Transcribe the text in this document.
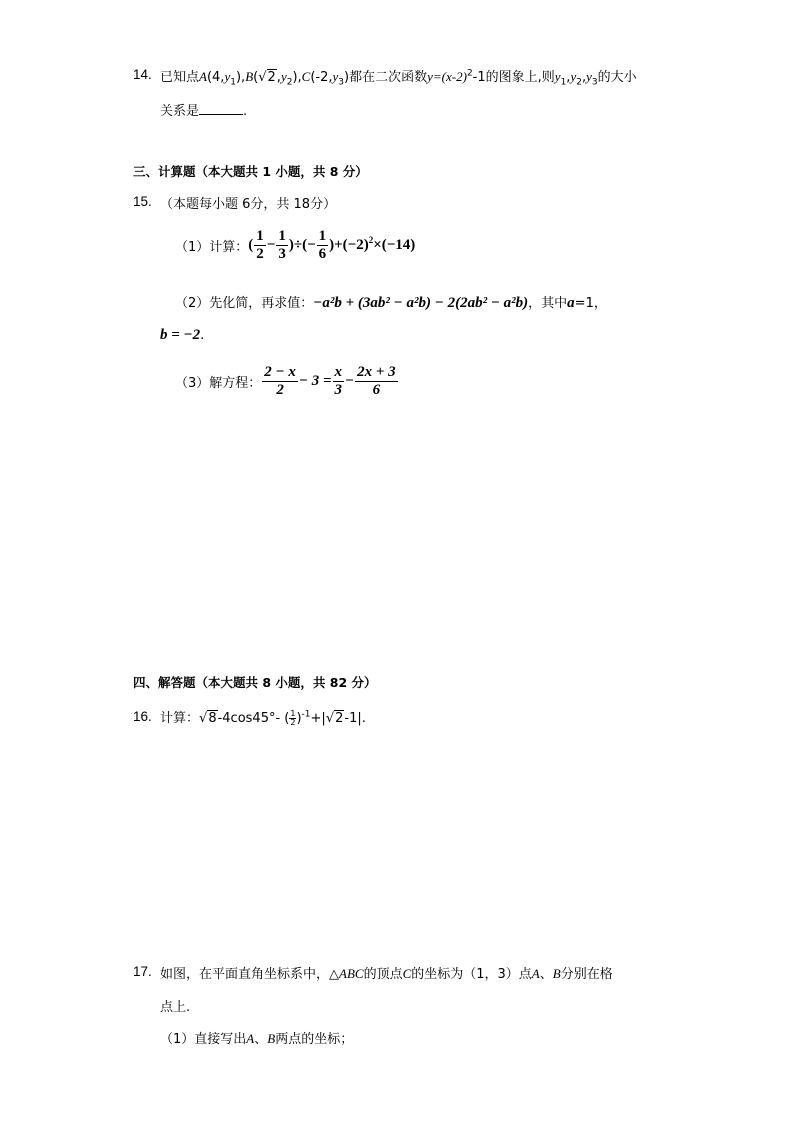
14. 已知点$A(4,y_1),B(√2,y_2),C(-2,y_3)$都在二次函数$y=(x-2)^2-1$的图象上,则$y_1,y_2,y_3$的大小
关系是	.
三、计算题（本大题共 1 小题，共 8 分）
15. （本题每小题 6分，共 18分）
（1）计算：( $\frac{1}{2} - \frac{1}{3}$ )÷(− $\frac{1}{6} )+(-2)^2\times(-14)$
（2）先化简，再求值：−a²b + (3ab² − a²b) − 2(2ab² − a²b)，其中a=1，
b = −2.
（3）解方程： $\frac{2 - x}{2} - 3 = \frac{x}{3} - \frac{2x + 3}{6}$
四、解答题（本大题共 8 小题，共 82 分）
16. 计算：√8-4cos45°- ( $\frac{1}{2} )^{-1}+|√2-1|$.
17. 如图，在平面直角坐标系中，△ABC的顶点C的坐标为（1，3）点A、B分别在格
点上.
（1）直接写出A、B两点的坐标；
